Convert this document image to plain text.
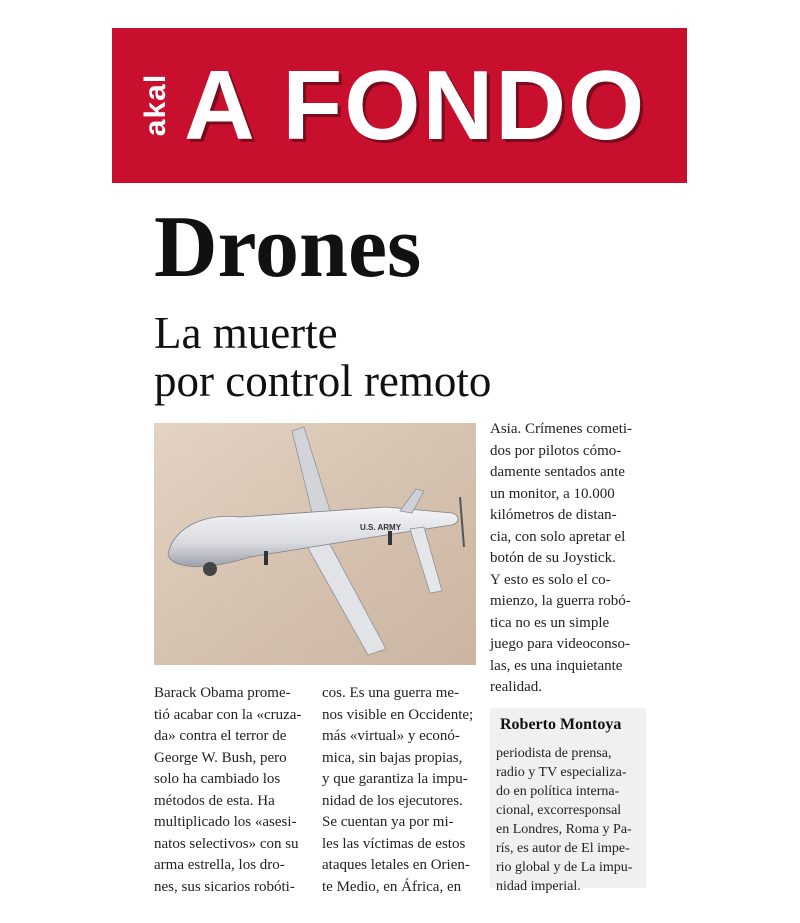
akal A FONDO
Drones
La muerte
por control remoto
U.S. ARMY
Barack Obama prome-
tió acabar con la «cruza-
da» contra el terror de
George W. Bush, pero
solo ha cambiado los
métodos de esta. Ha
multiplicado los «asesi-
natos selectivos» con su
arma estrella, los dro-
nes, sus sicarios robóti-
cos. Es una guerra me-
nos visible en Occidente;
más «virtual» y econó-
mica, sin bajas propias,
y que garantiza la impu-
nidad de los ejecutores.
Se cuentan ya por mi-
les las víctimas de estos
ataques letales en Orien-
te Medio, en África, en
Asia. Crímenes cometi-
dos por pilotos cómo-
damente sentados ante
un monitor, a 10.000
kilómetros de distan-
cia, con solo apretar el
botón de su Joystick.
Y esto es solo el co-
mienzo, la guerra robó-
tica no es un simple
juego para videoconso-
las, es una inquietante
realidad.
Roberto Montoya
periodista de prensa,
radio y TV especializa-
do en política interna-
cional, excorresponsal
en Londres, Roma y Pa-
rís, es autor de El impe-
rio global y de La impu-
nidad imperial.
